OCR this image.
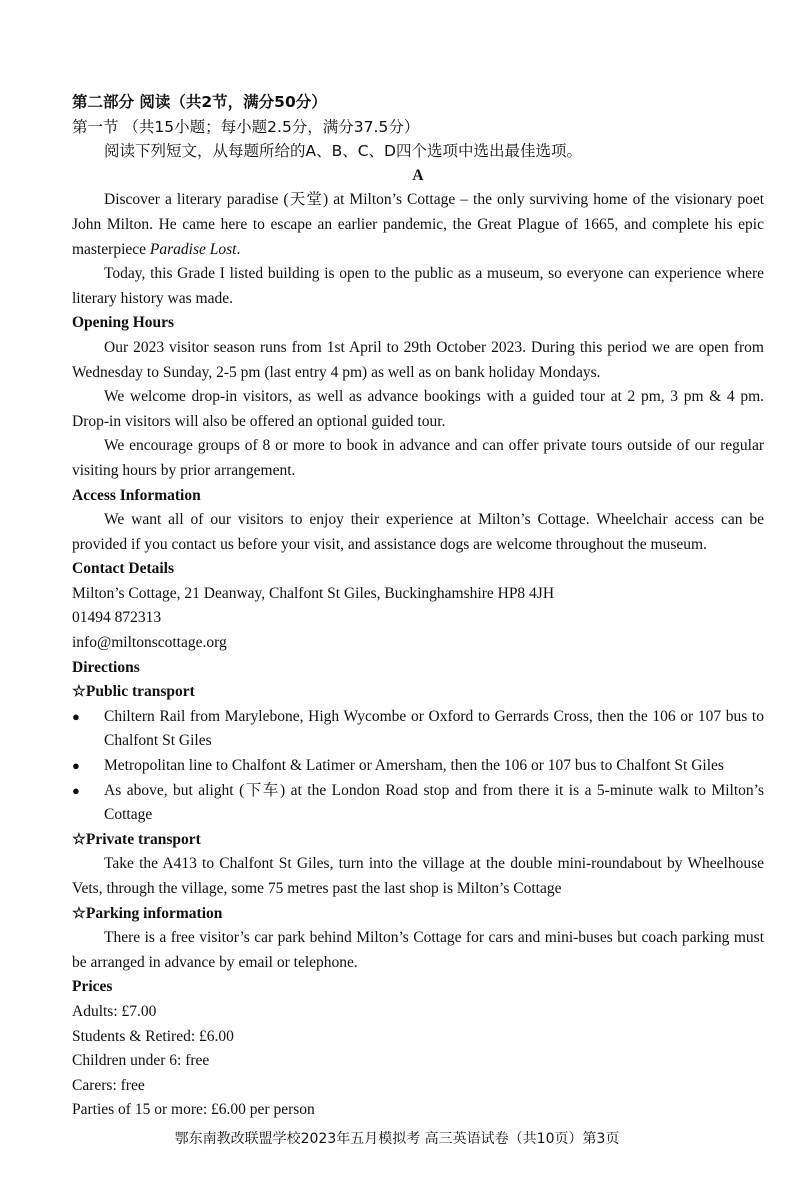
第二部分 阅读（共2节，满分50分）
第一节 （共15小题；每小题2.5分，满分37.5分）
阅读下列短文，从每题所给的A、B、C、D四个选项中选出最佳选项。
A
Discover a literary paradise (天堂) at Milton’s Cottage – the only surviving home of the visionary poet John Milton. He came here to escape an earlier pandemic, the Great Plague of 1665, and complete his epic masterpiece Paradise Lost.
Today, this Grade I listed building is open to the public as a museum, so everyone can experience where literary history was made.
Opening Hours
Our 2023 visitor season runs from 1st April to 29th October 2023. During this period we are open from Wednesday to Sunday, 2-5 pm (last entry 4 pm) as well as on bank holiday Mondays.
We welcome drop-in visitors, as well as advance bookings with a guided tour at 2 pm, 3 pm & 4 pm. Drop-in visitors will also be offered an optional guided tour.
We encourage groups of 8 or more to book in advance and can offer private tours outside of our regular visiting hours by prior arrangement.
Access Information
We want all of our visitors to enjoy their experience at Milton’s Cottage. Wheelchair access can be provided if you contact us before your visit, and assistance dogs are welcome throughout the museum.
Contact Details
Milton’s Cottage, 21 Deanway, Chalfont St Giles, Buckinghamshire HP8 4JH
01494 872313
info@miltonscottage.org
Directions
☆Public transport
● Chiltern Rail from Marylebone, High Wycombe or Oxford to Gerrards Cross, then the 106 or 107 bus to Chalfont St Giles
● Metropolitan line to Chalfont & Latimer or Amersham, then the 106 or 107 bus to Chalfont St Giles
● As above, but alight (下车) at the London Road stop and from there it is a 5-minute walk to Milton’s Cottage
☆Private transport
Take the A413 to Chalfont St Giles, turn into the village at the double mini-roundabout by Wheelhouse Vets, through the village, some 75 metres past the last shop is Milton’s Cottage
☆Parking information
There is a free visitor’s car park behind Milton’s Cottage for cars and mini-buses but coach parking must be arranged in advance by email or telephone.
Prices
Adults: £7.00
Students & Retired: £6.00
Children under 6: free
Carers: free
Parties of 15 or more: £6.00 per person
鄂东南教改联盟学校2023年五月模拟考 高三英语试卷（共10页）第3页
